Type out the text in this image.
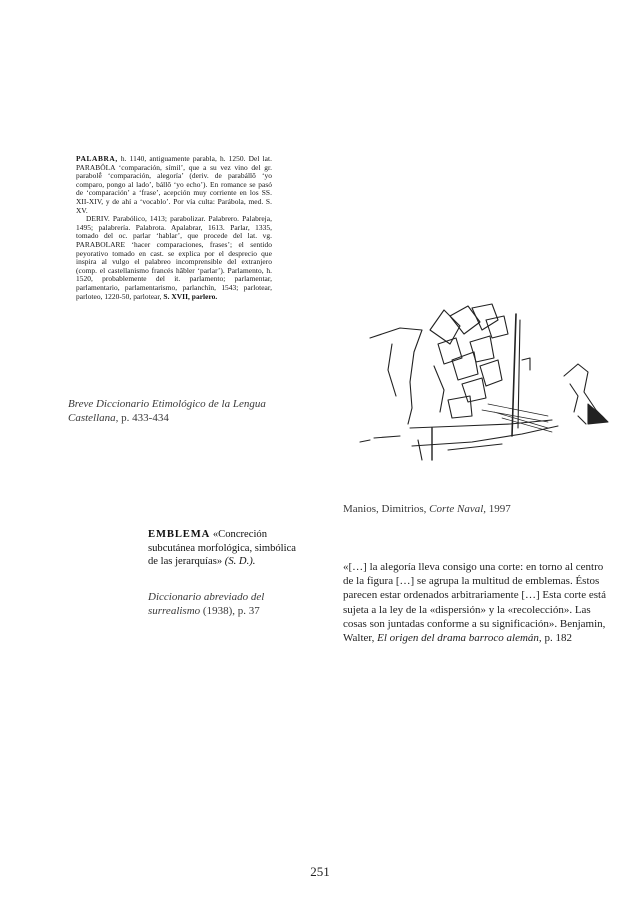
PALABRA, h. 1140, antiguamente parabla, h. 1250. Del lat. PARABŎLA ‘comparación, símil’, que a su vez vino del gr. parabolḗ ‘comparación, alegoría’ (deriv. de parabállō ‘yo comparo, pongo al lado’, bállō ‘yo echo’). En romance se pasó de ‘comparación’ a ‘frase’, acepción muy corriente en los SS. XII-XIV, y de ahí a ‘vocablo’. Por vía culta: Parábola, med. S. XV.

DERIV. Parabólico, 1413; parabolizar. Palabrero. Palabreja, 1495; palabrería. Palabrota. Apalabrar, 1613. Parlar, 1335, tomado del oc. parlar ‘hablar’, que procede del lat. vg. PARABOLARE ‘hacer comparaciones, frases’; el sentido peyorativo tomado en cast. se explica por el desprecio que inspira al vulgo el palabreo incomprensible del extranjero (comp. el castellanismo francés hâbler ‘parlar’). Parlamento, h. 1520, probablemente del it. parlamento; parlamentar, parlamentario, parlamentarismo, parlanchín, 1543; parlotear, parloteo, 1220-50, parlotear, S. XVII, parlero.

Breve Diccionario Etimológico de la Lengua Castellana, p. 433-434
EMBLEMA «Concreción subcutánea morfológica, simbólica de las jerarquías» (S. D.).
Diccionario abreviado del surrealismo (1938), p. 37
Manios, Dimitrios, Corte Naval, 1997
«[…] la alegoría lleva consigo una corte: en torno al centro de la figura […] se agrupa la multitud de emblemas. Éstos parecen estar ordenados arbitrariamente […] Esta corte está sujeta a la ley de la «dispersión» y la «recolección». Las cosas son juntadas conforme a su significación». Benjamin, Walter, El origen del drama barroco alemán, p. 182
251
